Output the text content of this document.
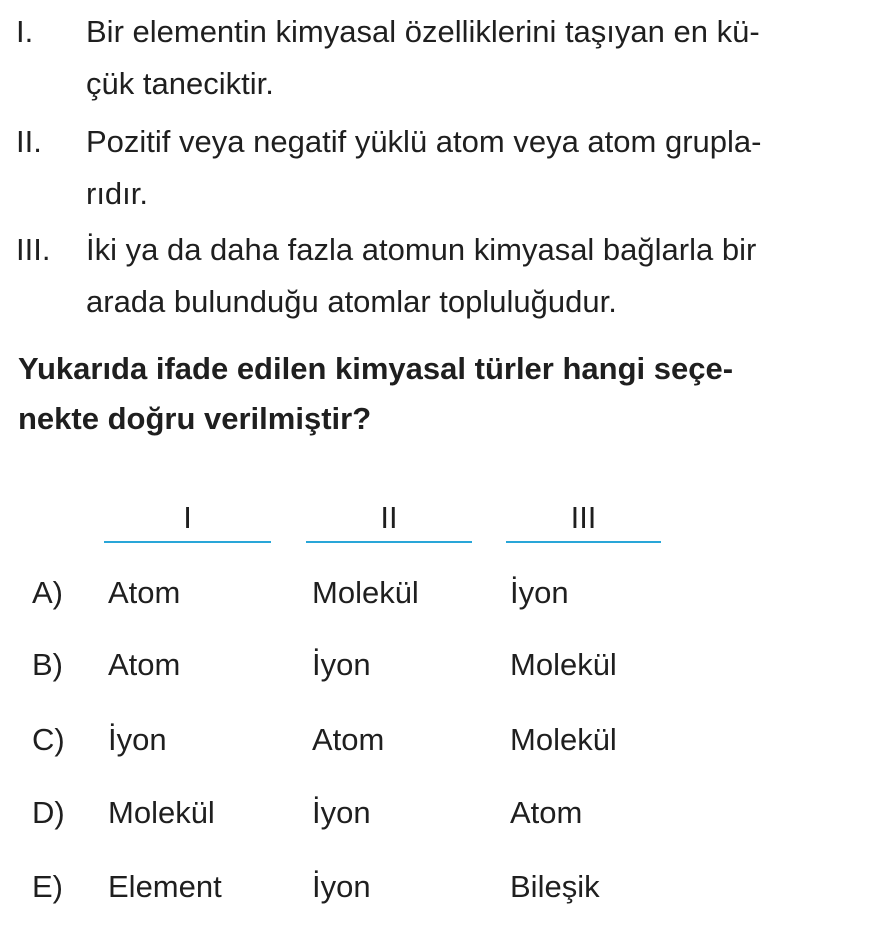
I. Bir elementin kimyasal özelliklerini taşıyan en kü-
çük taneciktir.
II. Pozitif veya negatif yüklü atom veya atom grupla-
rıdır.
III. İki ya da daha fazla atomun kimyasal bağlarla bir
arada bulunduğu atomlar topluluğudur.
Yukarıda ifade edilen kimyasal türler hangi seçe-
nekte doğru verilmiştir?
I	II	III
A) Atom	Molekül	İyon
B) Atom	İyon	Molekül
C) İyon	Atom	Molekül
D) Molekül	İyon	Atom
E) Element	İyon	Bileşik
